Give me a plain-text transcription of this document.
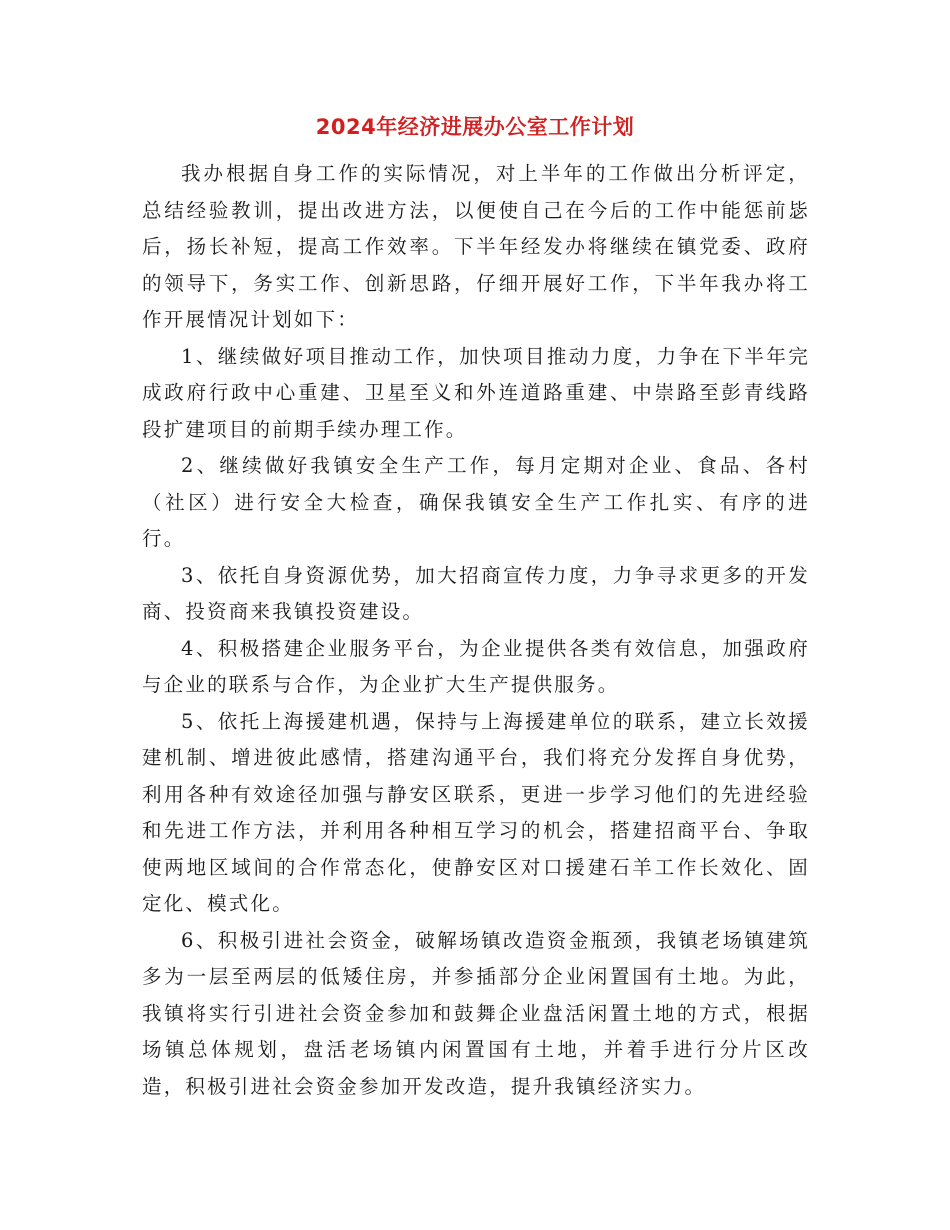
2024年经济进展办公室工作计划

我办根据自身工作的实际情况，对上半年的工作做出分析评定，总结经验教训，提出改进方法，以便使自己在今后的工作中能惩前毖后，扬长补短，提高工作效率。下半年经发办将继续在镇党委、政府的领导下，务实工作、创新思路，仔细开展好工作，下半年我办将工作开展情况计划如下：

1、继续做好项目推动工作，加快项目推动力度，力争在下半年完成政府行政中心重建、卫星至义和外连道路重建、中崇路至彭青线路段扩建项目的前期手续办理工作。

2、继续做好我镇安全生产工作，每月定期对企业、食品、各村（社区）进行安全大检查，确保我镇安全生产工作扎实、有序的进行。

3、依托自身资源优势，加大招商宣传力度，力争寻求更多的开发商、投资商来我镇投资建设。

4、积极搭建企业服务平台，为企业提供各类有效信息，加强政府与企业的联系与合作，为企业扩大生产提供服务。

5、依托上海援建机遇，保持与上海援建单位的联系，建立长效援建机制、增进彼此感情，搭建沟通平台，我们将充分发挥自身优势，利用各种有效途径加强与静安区联系，更进一步学习他们的先进经验和先进工作方法，并利用各种相互学习的机会，搭建招商平台、争取使两地区域间的合作常态化，使静安区对口援建石羊工作长效化、固定化、模式化。

6、积极引进社会资金，破解场镇改造资金瓶颈，我镇老场镇建筑多为一层至两层的低矮住房，并参插部分企业闲置国有土地。为此，我镇将实行引进社会资金参加和鼓舞企业盘活闲置土地的方式，根据场镇总体规划，盘活老场镇内闲置国有土地，并着手进行分片区改造，积极引进社会资金参加开发改造，提升我镇经济实力。
